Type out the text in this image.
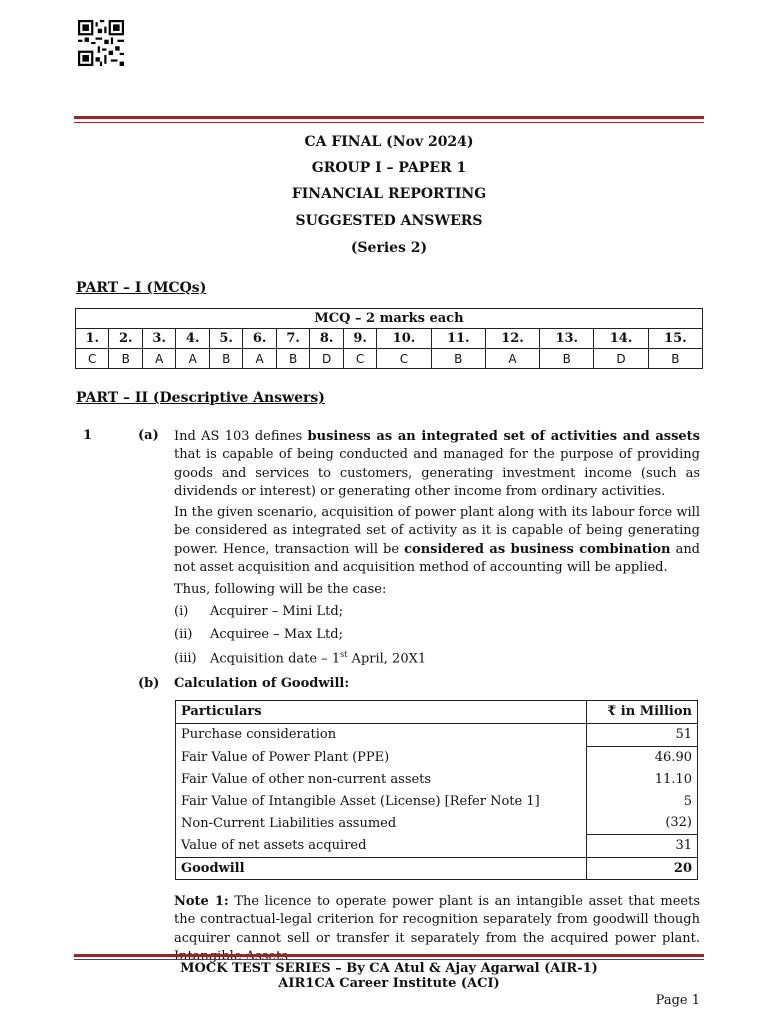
CA FINAL (Nov 2024)
GROUP I – PAPER 1
FINANCIAL REPORTING
SUGGESTED ANSWERS
(Series 2)
PART – I (MCQs)
MCQ – 2 marks each														
1.	2.	3.	4.	5.	6.	7.	8.	9.	10.	11.	12.	13.	14.	15.
C	B	A	A	B	A	B	D	C	C	B	A	B	D	B
PART – II (Descriptive Answers)
1	(a) Ind AS 103 defines business as an integrated set of activities and assets that is capable of being conducted and managed for the purpose of providing goods and services to customers, generating investment income (such as dividends or interest) or generating other income from ordinary activities.
In the given scenario, acquisition of power plant along with its labour force will be considered as integrated set of activity as it is capable of being generating power. Hence, transaction will be considered as business combination and not asset acquisition and acquisition method of accounting will be applied.
Thus, following will be the case:
(i) Acquirer – Mini Ltd;
(ii) Acquiree – Max Ltd;
(iii) Acquisition date – 1st April, 20X1
(b) Calculation of Goodwill:
Particulars	₹ in Million
Purchase consideration	51
Fair Value of Power Plant (PPE)	46.90
Fair Value of other non-current assets	11.10
Fair Value of Intangible Asset (License) [Refer Note 1]	5
Non-Current Liabilities assumed	(32)
Value of net assets acquired	31
Goodwill	20
Note 1: The licence to operate power plant is an intangible asset that meets the contractual-legal criterion for recognition separately from goodwill though acquirer cannot sell or transfer it separately from the acquired power plant. Intangible Assets
MOCK TEST SERIES – By CA Atul & Ajay Agarwal (AIR-1)
AIR1CA Career Institute (ACI)
Page 1
